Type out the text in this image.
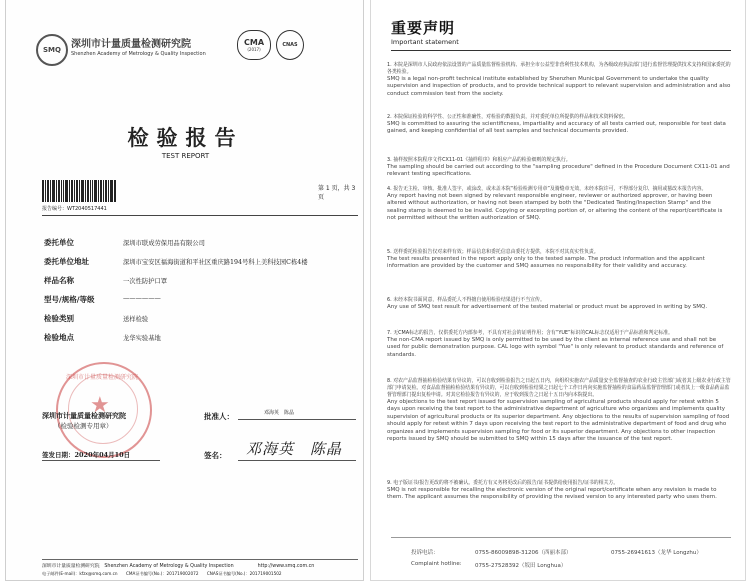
SMQ 深圳市计量质量检测研究院
Shenzhen Academy of Metrology & Quality Inspection
CMA
(2017)
CNAS
检验报告
TEST REPORT
报告编号：WT2040517441
第 1 页，共 3 页
委托单位	深圳市联成劳保用品有限公司
委托单位地址	深圳市宝安区福海街道和平社区重庆路194号科上美科技园C栋4楼
样品名称	一次性防护口罩
型号/规格/等级	——————
检验类别	送样检验
检验地点	龙华实验基地
★
深圳市计量质量检测研究院
深圳市计量质量检测研究院
（检验检测专用章）
批准人：	邓海英　陈晶
签发日期：2020年04月10日	签名： 邓海英　陈晶
深圳市计量质量检测研究院　Shenzhen Academy of Metrology & Quality Inspection　　　　　http://www.smq.com.cn
电子邮件(E-mail)：kfzx@smq.com.cn　　CMA证书编号(No.)：201719002072　　CNAS证书编号(No.)：201719001502
重要声明
Important statement
1. 本院是深圳市人民政府依法设置的产品质量监督检验机构、承担全市公益型非营利性技术机构，为各级政府执法部门进行监督管理提供技术支持和国家委托的各类检验。
SMQ is a legal non-profit technical institute established by Shenzhen Municipal Government to undertake the quality supervision and inspection of products, and to provide technical support to relevant supervision and administration and also conduct commission test from the society.
2. 本院保证检验的科学性、公正性和准确性，对检验的数据负责，并对委托单位所提供的样品和技术资料保密。
SMQ is committed to assuring the scientificness, impartiality and accuracy of all tests carried out, responsible for test data gained, and keeping confidential of all test samples and technical documents provided.
3. 抽样按照本院程序文件CX11-01《抽样程序》和相应产品的检验细则的规定执行。
The sampling should be carried out according to the "sampling procedure" defined in the Procedure Document CX11-01 and relevant testing specifications.
4. 报告无主检、审核、批准人签字，或涂改，或未盖本院“检验检测专用章”及骑缝章无效，未经本院许可，不得部分复印、摘用或篡改本报告内容。
Any report having not been signed by relevant responsible engineer, reviewer or authorized approver, or having been altered without authorization, or having not been stamped by both the "Dedicated Testing/Inspection Stamp" and the sealing stamp is deemed to be invalid. Copying or excerpting portion of, or altering the content of the report/certificate is not permitted without the written authorization of SMQ.
5. 送样委托检验报告仅对来样有效；样品信息和委托信息由委托方提供，本院不对其真实性负责。
The test results presented in the report apply only to the tested sample. The product information and the applicant information are provided by the customer and SMQ assumes no responsibility for their validity and accuracy.
6. 未经本院书面同意，样品委托人不得擅自使用检验结果进行不当宣传。
Any use of SMQ test result for advertisement of the tested material or product must be approved in writing by SMQ.
7. 无CMA标志的报告，仅供委托方内部参考，不具有对社会的证明作用；含有“YUE”标识的CAL标志仅适用于产品标准和判定标准。
The non-CMA report issued by SMQ is only permitted to be used by the client as internal reference use and shall not be used for public demonstration purpose. CAL logo with symbol "Yue" is only relevant to product standards and reference of standards.
8. 对农产品监督抽检检验结果有异议的，可以自收到检验报告之日起五日内，向组织实施农产品质量安全监督抽查的农业行政主管部门或者其上级农业行政主管部门申请复检。对食品监督抽检检验结果有异议的，可以自收到检验结果之日起七个工作日内向实施监督抽检的食品药品监督管理部门或者其上一级食品药品监督管理部门提出复检申请。对其它检验报告有异议的，应于收到报告之日起十五日内向本院提出。
Any objections to the test report issued for supervision sampling of agricultural products should apply for retest within 5 days upon receiving the test report to the administrative department of agriculture who organizes and implements quality supervision of agricultural products or its superior department. Any objections to the results of supervision sampling of food should apply for retest within 7 days upon receiving the test report to the administrative department of food and drug who organizes and implements supervision sampling for food or its superior department. Any objections to other inspection reports issued by SMQ should be submitted to SMQ within 15 days after the issuance of the test report.
9. 电子版证书/报告更改的将不被确认。委托方有义务将更改后的报告/证书提供给使用报告/证书的相关方。
SMQ is not responsible for recalling the electronic version of the original report/certificate when any revision is made to them. The applicant assumes the responsibility of providing the revised version to any interested party who uses them.
投诉电话：
Complaint hotline:
0755-86009898-31206（西丽本部）	0755-26941613（龙华 Longzhu）
0755-27528392（坂田 Longhua）
